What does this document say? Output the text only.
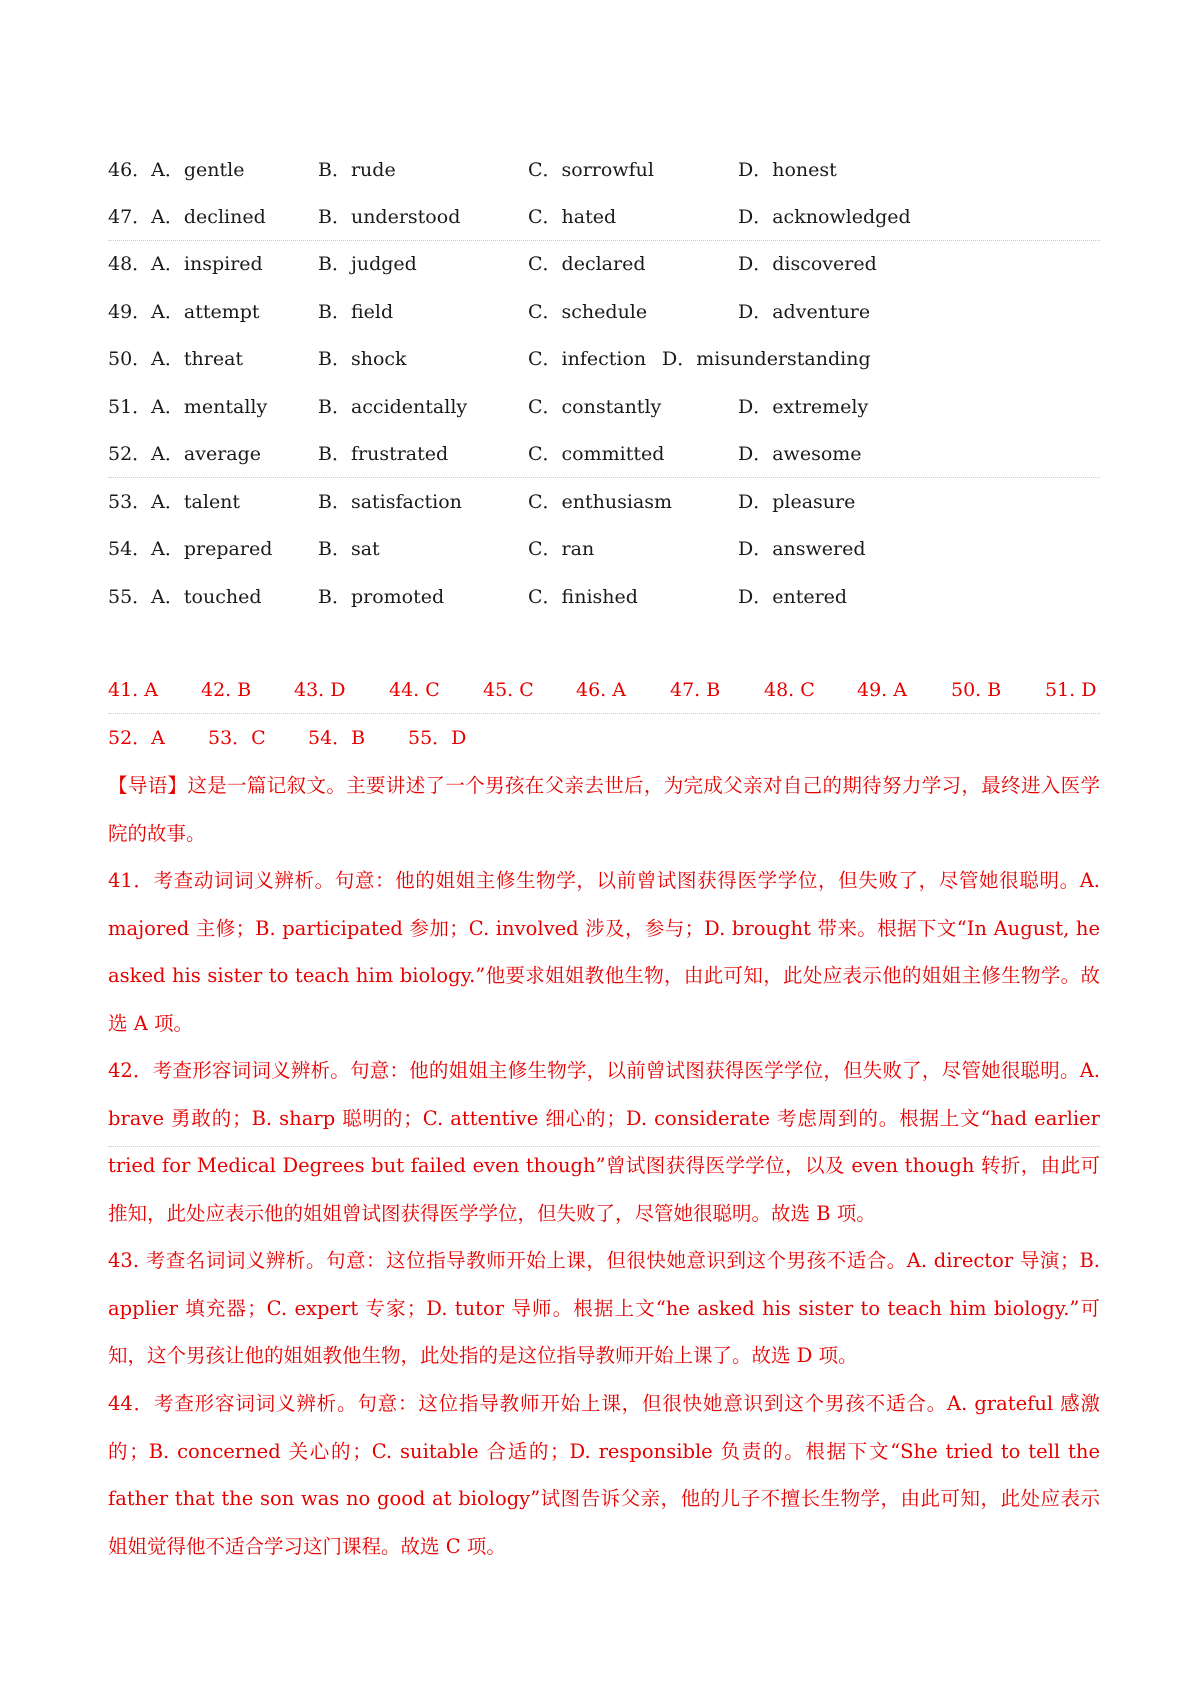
46．A．gentle	B．rude	C．sorrowful	D．honest
47．A．declined	B．understood	C．hated	D．acknowledged
48．A．inspired	B．judged	C．declared	D．discovered
49．A．attempt	B．field	C．schedule	D．adventure
50．A．threat	B．shock	C．infection D．misunderstanding
51．A．mentally	B．accidentally	C．constantly	D．extremely
52．A．average	B．frustrated	C．committed	D．awesome
53．A．talent	B．satisfaction	C．enthusiasm	D．pleasure
54．A．prepared B．sat	C．ran	D．answered
55．A．touched	B．promoted	C．finished	D．entered
41. A 42. B 43. D 44. C 45. C 46. A 47. B 48. C 49. A 50. B 51. D
52．A 53．C 54．B 55．D
【导语】这是一篇记叙文。主要讲述了一个男孩在父亲去世后，为完成父亲对自己的期待努力学习，最终进入医学院的故事。
41．考查动词词义辨析。句意：他的姐姐主修生物学，以前曾试图获得医学学位，但失败了，尽管她很聪明。A. majored 主修；B. participated 参加；C. involved 涉及，参与；D. brought 带来。根据下文“In August, he asked his sister to teach him biology.”他要求姐姐教他生物，由此可知，此处应表示他的姐姐主修生物学。故选 A 项。
42．考查形容词词义辨析。句意：他的姐姐主修生物学，以前曾试图获得医学学位，但失败了，尽管她很聪明。A. brave 勇敢的；B. sharp 聪明的；C. attentive 细心的；D. considerate 考虑周到的。根据上文“had earlier tried for Medical Degrees but failed even though”曾试图获得医学学位，以及 even though 转折，由此可推知，此处应表示他的姐姐曾试图获得医学学位，但失败了，尽管她很聪明。故选 B 项。
43. 考查名词词义辨析。句意：这位指导教师开始上课，但很快她意识到这个男孩不适合。A. director 导演；B. applier 填充器；C. expert 专家；D. tutor 导师。根据上文“he asked his sister to teach him biology.”可知，这个男孩让他的姐姐教他生物，此处指的是这位指导教师开始上课了。故选 D 项。
44．考查形容词词义辨析。句意：这位指导教师开始上课，但很快她意识到这个男孩不适合。A. grateful 感激的；B. concerned 关心的；C. suitable 合适的；D. responsible 负责的。根据下文“She tried to tell the father that the son was no good at biology”试图告诉父亲，他的儿子不擅长生物学，由此可知，此处应表示姐姐觉得他不适合学习这门课程。故选 C 项。
